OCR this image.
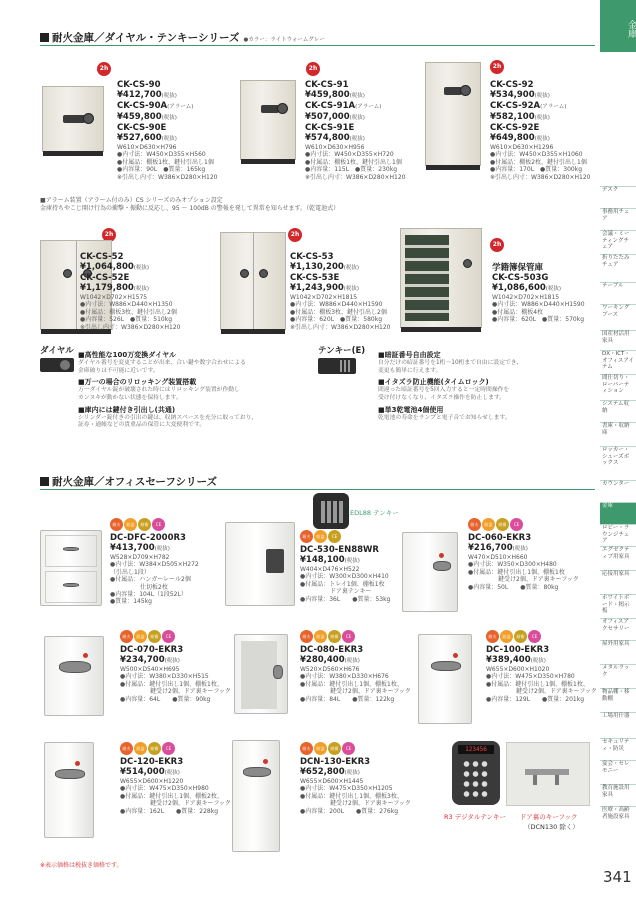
金庫
デスク
事務用チェア
会議・ミーティングチェア
折りたたみチェア
テーブル
ワーキングブース
国産材活用家具
DX・ICT・オフィスアイテム
間仕切り・ローパーティション
システム収納
書庫・収納庫
ロッカー・シューズボックス
カウンター
金庫
ロビー・ラウンジチェア
エグゼクティブ用家具
応接用家具
ホワイトボード・掲示板
オフィスアクセサリー
屋外用家具
メタルラック
物品棚・移動棚
工場用什器
セキュリティ・防災
宴会・セレモニー
教育施設用家具
医療・高齢者施設家具
耐火金庫／ダイヤル・テンキーシリーズ ●カラー：ライトウォームグレー
2h	2h	2h
CK-CS-90
¥412,700(税抜)
CK-CS-90A(アラーム)
¥459,800(税抜)
CK-CS-90E
¥527,600(税抜)
W610×D630×H796
●内寸法：W450×D355×H560
●付属品：棚板1枚、鍵付引出し1個
●内容量：90L　●質量：165kg
※引出し内寸：W386×D280×H120
CK-CS-91
¥459,800(税抜)
CK-CS-91A(アラーム)
¥507,000(税抜)
CK-CS-91E
¥574,800(税抜)
W610×D630×H956
●内寸法：W450×D355×H720
●付属品：棚板1枚、鍵付引出し1個
●内容量：115L　●質量：230kg
※引出し内寸：W386×D280×H120
CK-CS-92
¥534,900(税抜)
CK-CS-92A(アラーム)
¥582,100(税抜)
CK-CS-92E
¥649,800(税抜)
W610×D630×H1296
●内寸法：W450×D355×H1060
●付属品：棚板2枚、鍵付引出し1個
●内容量：170L　●質量：300kg
※引出し内寸：W386×D280×H120
■アラーム装置（アラーム付のみ）CS シリーズのみオプション設定
金庫持ちやこじ開け行為の衝撃・振動に反応し、95 ～ 100dB の警報を発して異常を知らせます。（乾電池式）
2h	2h
2h
CK-CS-52
¥1,064,800(税抜)
CK-CS-52E
¥1,179,800(税抜)
W1042×D702×H1575
●内寸法：W886×D440×H1350
●付属品：棚板3枚、鍵付引出し2個
●内容量：526L　●質量：510kg
※引出し内寸：W386×D280×H120
CK-CS-53
¥1,130,200(税抜)
CK-CS-53E
¥1,243,900(税抜)
W1042×D702×H1815
●内寸法：W886×D440×H1590
●付属品：棚板3枚、鍵付引出し2個
●内容量：620L　●質量：580kg
※引出し内寸：W386×D280×H120
学籍簿保管庫
CK-CS-503G
¥1,086,600(税抜)
W1042×D702×H1815
●内寸法：W886×D440×H1590
●付属品：棚板4枚
●内容量：620L　●質量：570kg
ダイヤル ■高性能な100万変換ダイヤル
ダイヤル番号を変更することが出来、合い鍵や数字合わせによる
金庫破りは不可能に近いです。
■万一の場合のリロッキング装置搭載
万一ダイヤル錠が破壊された時にはリロッキング装置が作動し
カンヌキが動かない状態を保持します。
■庫内には鍵付き引出し(共通)
シリンダー錠付きの引出の鍵は、収納スペースを充分に取っており、
証券・通帳などの貴重品の保管に大変便利です。
テンキー(E) ■暗証番号自由設定
自分だけの暗証番号を1桁～10桁まで自由に設定でき、
変更も簡単に行えます。
■イタズラ防止機能(タイムロック)
間違った暗証番号を5回入力すると一定時間操作を
受け付けなくなり、イタズラ操作を防止します。
■単3乾電池4個使用
乾電池の寿命をランプと電子音でお知らせします。
耐火金庫／オフィスセーフシリーズ
EDL88 テンキー
123456
R3 デジタルテンキー ドア裏のキーフック
（DCN130 除く）
耐火 防盗 耐衝 CE
DC-DFC-2000R3
¥413,700(税抜)
W528×D709×H782
●内寸法：W384×D505×H272
（引出し1段）
●付属品：ハンガーレール2個
　　　　　仕切板2枚
●内容量：104L（1段52L）
●質量：145kg
耐火 防盗 CE
DC-530-EN88WR
¥148,100(税抜)
W404×D476×H522
●内寸法：W300×D300×H410
●付属品：トレイ1個、棚板1枚
　　　　　ドア裏テンキー
●内容量：36L　　●質量：53kg
耐火 防盗 耐衝 CE
DC-060-EKR3
¥216,700(税抜)
W470×D510×H660
●内寸法：W350×D300×H480
●付属品：鍵付引出し1個、棚板1枚
　　　　　鍵受け2個、ドア裏キーフック
●内容量：50L　　●質量：80kg
耐火 防盗 耐衝 CE
DC-070-EKR3
¥234,700(税抜)
W500×D540×H695
●内寸法：W380×D330×H515
●付属品：鍵付引出し1個、棚板1枚、
　　　　　鍵受け2個、ドア裏キーフック
●内容量：64L　　●質量：90kg
耐火 防盗 耐衝 CE
DC-080-EKR3
¥280,400(税抜)
W520×D560×H676
●内寸法：W380×D330×H676
●付属品：鍵付引出し1個、棚板1枚、
　　　　　鍵受け2個、ドア裏キーフック
●内容量：84L　　●質量：122kg
耐火 防盗 耐衝 CE
DC-100-EKR3
¥389,400(税抜)
W655×D600×H1020
●内寸法：W475×D350×H780
●付属品：鍵付引出し1個、棚板1枚、
　　　　　鍵受け2個、ドア裏キーフック
●内容量：129L　　●質量：201kg
耐火 防盗 耐衝 CE
DC-120-EKR3
¥514,000(税抜)
W655×D600×H1220
●内寸法：W475×D350×H980
●付属品：鍵付引出し1個、棚板2枚、
　　　　　鍵受け2個、ドア裏キーフック
●内容量：162L　　●質量：228kg
耐火 防盗 耐衝 CE
DCN-130-EKR3
¥652,800(税抜)
W655×D600×H1445
●内寸法：W475×D350×H1205
●付属品：鍵付引出し1個、棚板3枚、
　　　　　鍵受け2個、ドア裏キーフック
●内容量：200L　　●質量：276kg
※表示価格は税抜き価格です。
341
